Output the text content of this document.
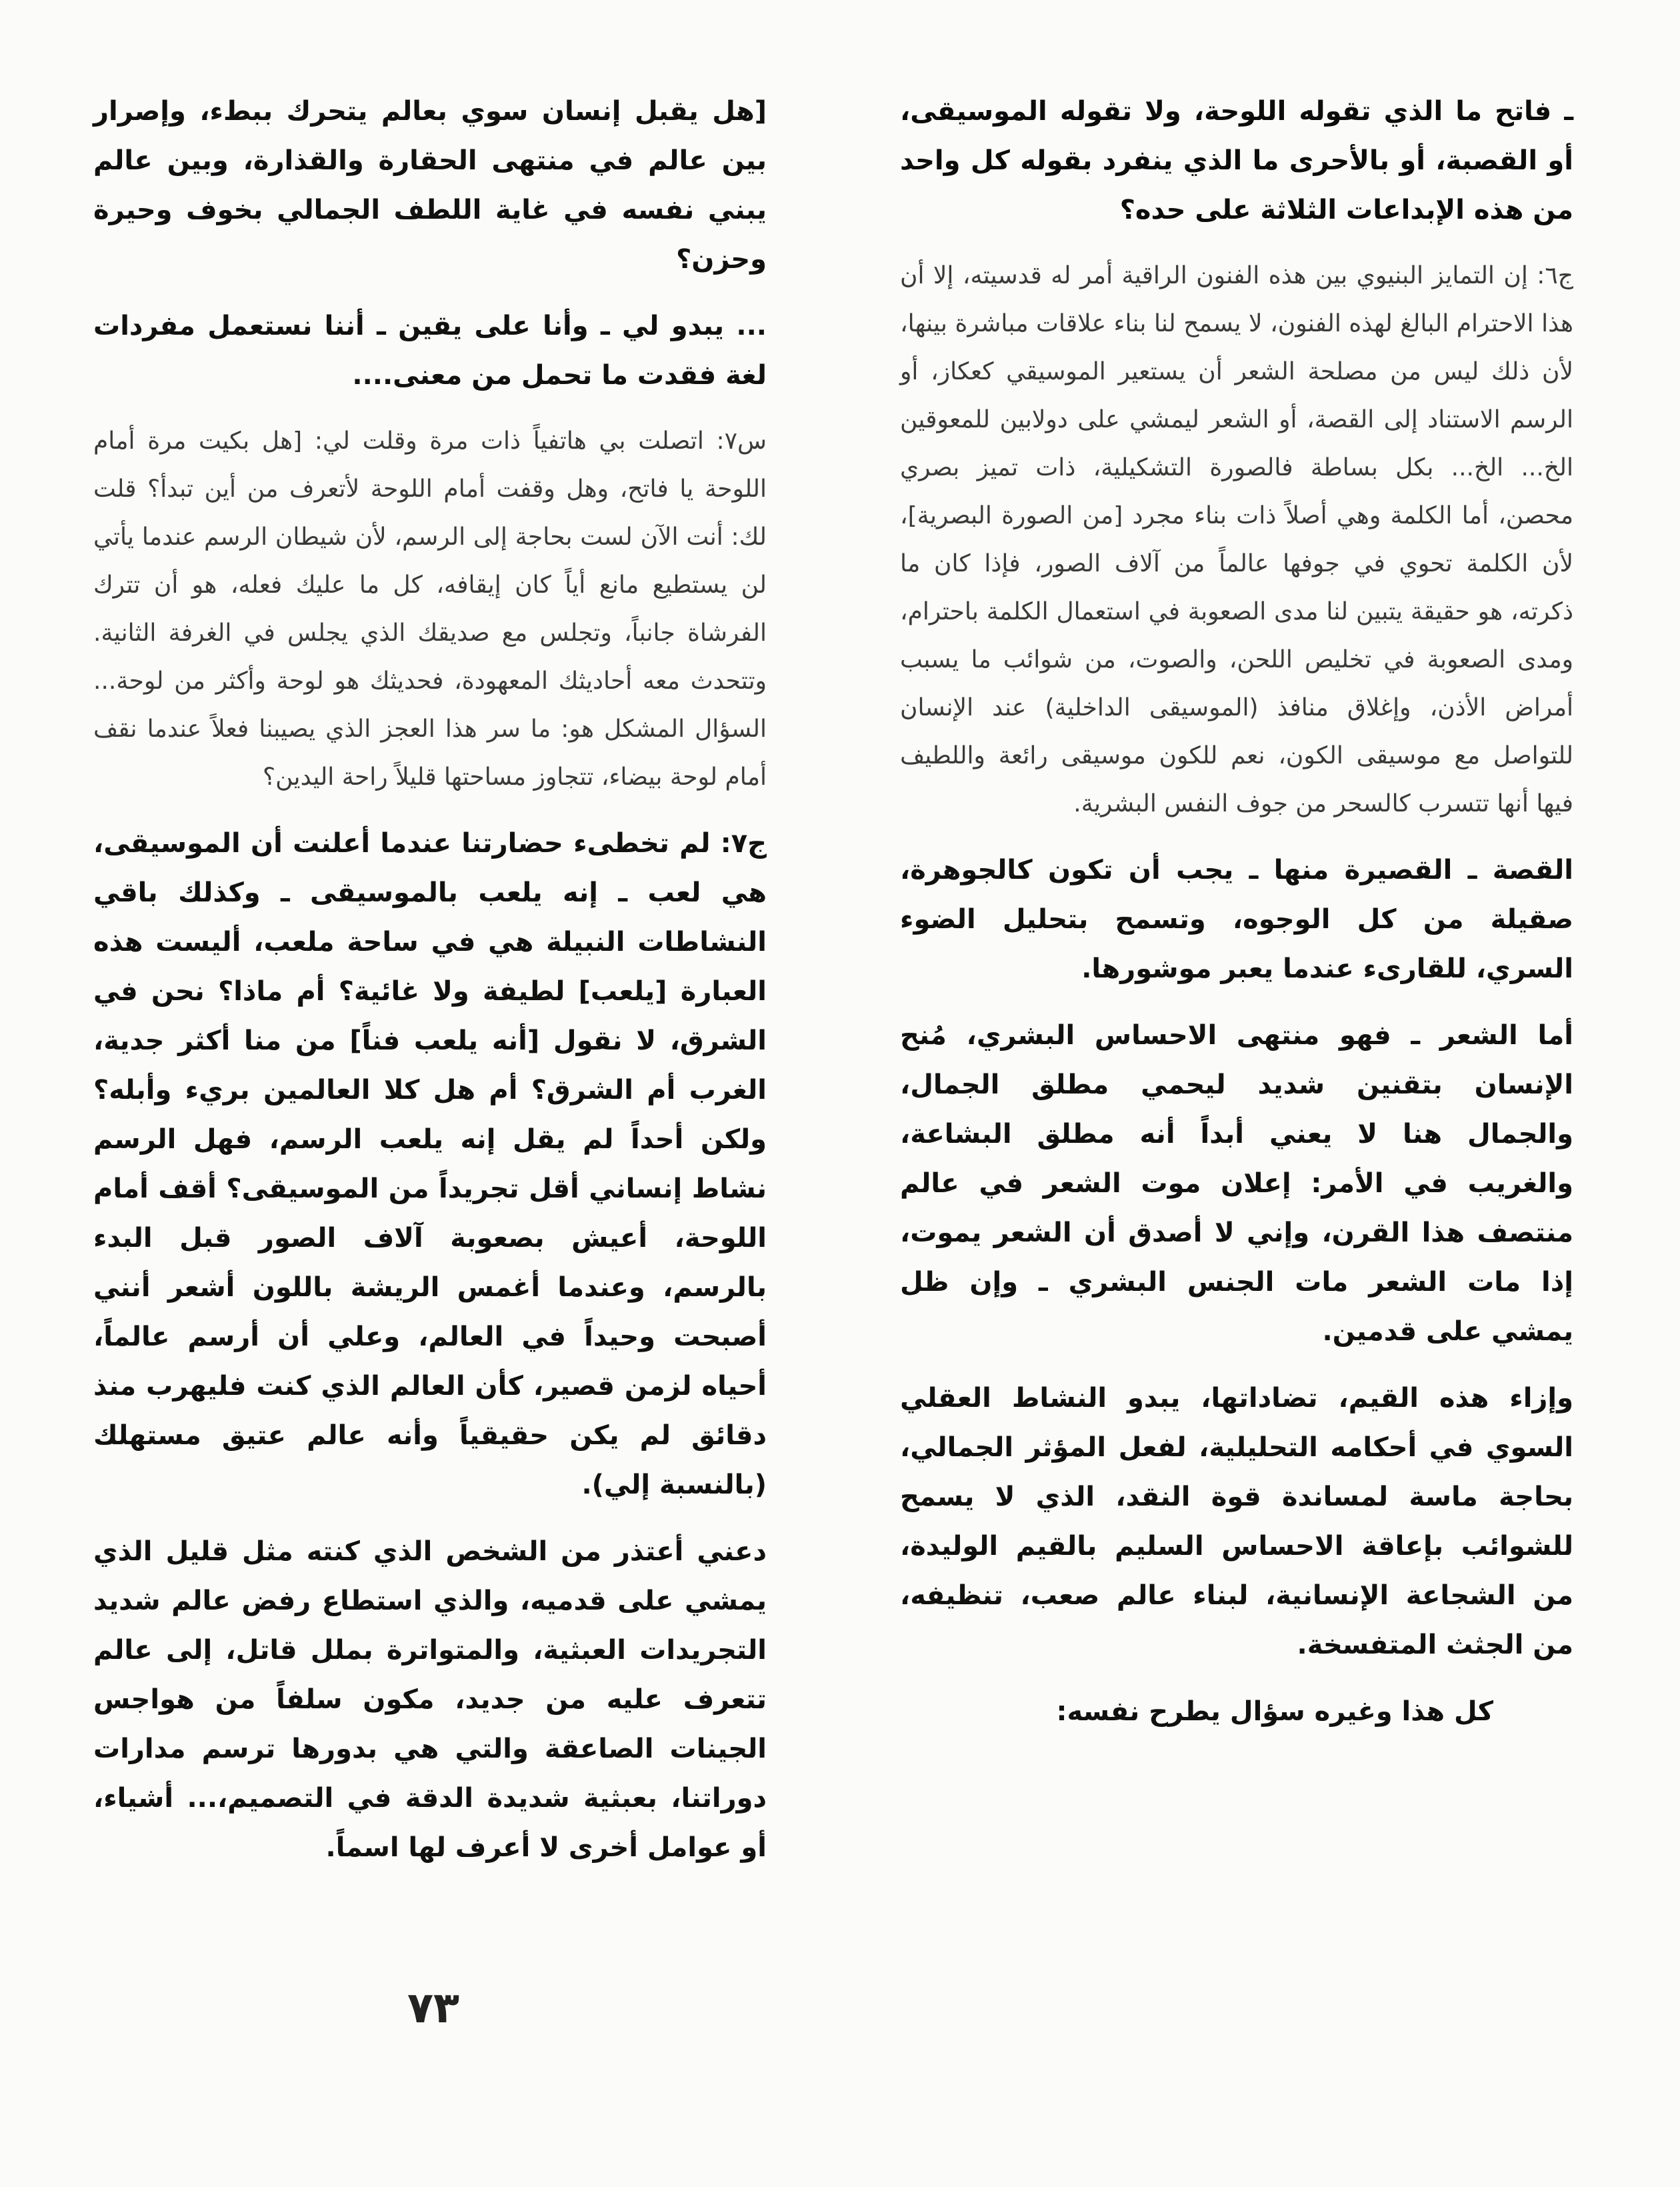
ـ فاتح ما الذي تقوله اللوحة، ولا تقوله الموسيقى، أو القصبة، أو بالأحرى ما الذي ينفرد بقوله كل واحد من هذه الإبداعات الثلاثة على حده؟

ج٦: إن التمايز البنيوي بين هذه الفنون الراقية أمر له قدسيته، إلا أن هذا الاحترام البالغ لهذه الفنون، لا يسمح لنا بناء علاقات مباشرة بينها، لأن ذلك ليس من مصلحة الشعر أن يستعير الموسيقي كعكاز، أو الرسم الاستناد إلى القصة، أو الشعر ليمشي على دولابين للمعوقين الخ... الخ... بكل بساطة فالصورة التشكيلية، ذات تميز بصري محصن، أما الكلمة وهي أصلاً ذات بناء مجرد [من الصورة البصرية]، لأن الكلمة تحوي في جوفها عالماً من آلاف الصور، فإذا كان ما ذكرته، هو حقيقة يتبين لنا مدى الصعوبة في استعمال الكلمة باحترام، ومدى الصعوبة في تخليص اللحن، والصوت، من شوائب ما يسبب أمراض الأذن، وإغلاق منافذ (الموسيقى الداخلية) عند الإنسان للتواصل مع موسيقى الكون، نعم للكون موسيقى رائعة واللطيف فيها أنها تتسرب كالسحر من جوف النفس البشرية.

القصة ـ القصيرة منها ـ يجب أن تكون كالجوهرة، صقيلة من كل الوجوه، وتسمح بتحليل الضوء السري، للقارىء عندما يعبر موشورها.

أما الشعر ـ فهو منتهى الاحساس البشري، مُنح الإنسان بتقنين شديد ليحمي مطلق الجمال، والجمال هنا لا يعني أبداً أنه مطلق البشاعة، والغريب في الأمر: إعلان موت الشعر في عالم منتصف هذا القرن، وإني لا أصدق أن الشعر يموت، إذا مات الشعر مات الجنس البشري ـ وإن ظل يمشي على قدمين.

وإزاء هذه القيم، تضاداتها، يبدو النشاط العقلي السوي في أحكامه التحليلية، لفعل المؤثر الجمالي، بحاجة ماسة لمساندة قوة النقد، الذي لا يسمح للشوائب بإعاقة الاحساس السليم بالقيم الوليدة، من الشجاعة الإنسانية، لبناء عالم صعب، تنظيفه، من الجثث المتفسخة.

كل هذا وغيره سؤال يطرح نفسه:

[هل يقبل إنسان سوي بعالم يتحرك ببطء، وإصرار بين عالم في منتهى الحقارة والقذارة، وبين عالم يبني نفسه في غاية اللطف الجمالي بخوف وحيرة وحزن؟

... يبدو لي ـ وأنا على يقين ـ أننا نستعمل مفردات لغة فقدت ما تحمل من معنى....

س٧: اتصلت بي هاتفياً ذات مرة وقلت لي: [هل بكيت مرة أمام اللوحة يا فاتح، وهل وقفت أمام اللوحة لأتعرف من أين تبدأ؟ قلت لك: أنت الآن لست بحاجة إلى الرسم، لأن شيطان الرسم عندما يأتي لن يستطيع مانع أياً كان إيقافه، كل ما عليك فعله، هو أن تترك الفرشاة جانباً، وتجلس مع صديقك الذي يجلس في الغرفة الثانية. وتتحدث معه أحاديثك المعهودة، فحديثك هو لوحة وأكثر من لوحة... السؤال المشكل هو: ما سر هذا العجز الذي يصيبنا فعلاً عندما نقف أمام لوحة بيضاء، تتجاوز مساحتها قليلاً راحة اليدين؟

ج٧: لم تخطىء حضارتنا عندما أعلنت أن الموسيقى، هي لعب ـ إنه يلعب بالموسيقى ـ وكذلك باقي النشاطات النبيلة هي في ساحة ملعب، أليست هذه العبارة [يلعب] لطيفة ولا غائية؟ أم ماذا؟ نحن في الشرق، لا نقول [أنه يلعب فناً] من منا أكثر جدية، الغرب أم الشرق؟ أم هل كلا العالمين بريء وأبله؟ ولكن أحداً لم يقل إنه يلعب الرسم، فهل الرسم نشاط إنساني أقل تجريداً من الموسيقى؟ أقف أمام اللوحة، أعيش بصعوبة آلاف الصور قبل البدء بالرسم، وعندما أغمس الريشة باللون أشعر أنني أصبحت وحيداً في العالم، وعلي أن أرسم عالماً، أحياه لزمن قصير، كأن العالم الذي كنت فليهرب منذ دقائق لم يكن حقيقياً وأنه عالم عتيق مستهلك (بالنسبة إلي).

دعني أعتذر من الشخص الذي كنته مثل قليل الذي يمشي على قدميه، والذي استطاع رفض عالم شديد التجريدات العبثية، والمتواترة بملل قاتل، إلى عالم تتعرف عليه من جديد، مكون سلفاً من هواجس الجينات الصاعقة والتي هي بدورها ترسم مدارات دوراتنا، بعبثية شديدة الدقة في التصميم،... أشياء، أو عوامل أخرى لا أعرف لها اسماً.

٧٣
